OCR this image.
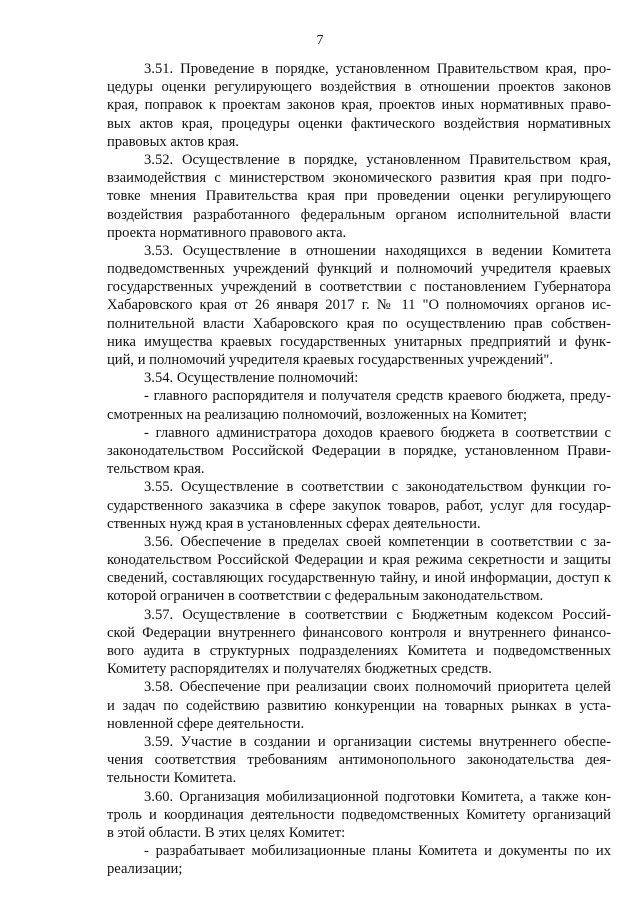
7
3.51. Проведение в порядке, установленном Правительством края, про-
цедуры оценки регулирующего воздействия в отношении проектов законов
края, поправок к проектам законов края, проектов иных нормативных право-
вых актов края, процедуры оценки фактического воздействия нормативных
правовых актов края.
3.52. Осуществление в порядке, установленном Правительством края,
взаимодействия с министерством экономического развития края при подго-
товке мнения Правительства края при проведении оценки регулирующего
воздействия разработанного федеральным органом исполнительной власти
проекта нормативного правового акта.
3.53. Осуществление в отношении находящихся в ведении Комитета
подведомственных учреждений функций и полномочий учредителя краевых
государственных учреждений в соответствии с постановлением Губернатора
Хабаровского края от 26 января 2017 г. № 11 "О полномочиях органов ис-
полнительной власти Хабаровского края по осуществлению прав собствен-
ника имущества краевых государственных унитарных предприятий и функ-
ций, и полномочий учредителя краевых государственных учреждений".
3.54. Осуществление полномочий:
- главного распорядителя и получателя средств краевого бюджета, преду-
смотренных на реализацию полномочий, возложенных на Комитет;
- главного администратора доходов краевого бюджета в соответствии с
законодательством Российской Федерации в порядке, установленном Прави-
тельством края.
3.55. Осуществление в соответствии с законодательством функции го-
сударственного заказчика в сфере закупок товаров, работ, услуг для государ-
ственных нужд края в установленных сферах деятельности.
3.56. Обеспечение в пределах своей компетенции в соответствии с за-
конодательством Российской Федерации и края режима секретности и защиты
сведений, составляющих государственную тайну, и иной информации, доступ к
которой ограничен в соответствии с федеральным законодательством.
3.57. Осуществление в соответствии с Бюджетным кодексом Россий-
ской Федерации внутреннего финансового контроля и внутреннего финансо-
вого аудита в структурных подразделениях Комитета и подведомственных
Комитету распорядителях и получателях бюджетных средств.
3.58. Обеспечение при реализации своих полномочий приоритета целей
и задач по содействию развитию конкуренции на товарных рынках в уста-
новленной сфере деятельности.
3.59. Участие в создании и организации системы внутреннего обеспе-
чения соответствия требованиям антимонопольного законодательства дея-
тельности Комитета.
3.60. Организация мобилизационной подготовки Комитета, а также кон-
троль и координация деятельности подведомственных Комитету организаций
в этой области. В этих целях Комитет:
- разрабатывает мобилизационные планы Комитета и документы по их
реализации;
